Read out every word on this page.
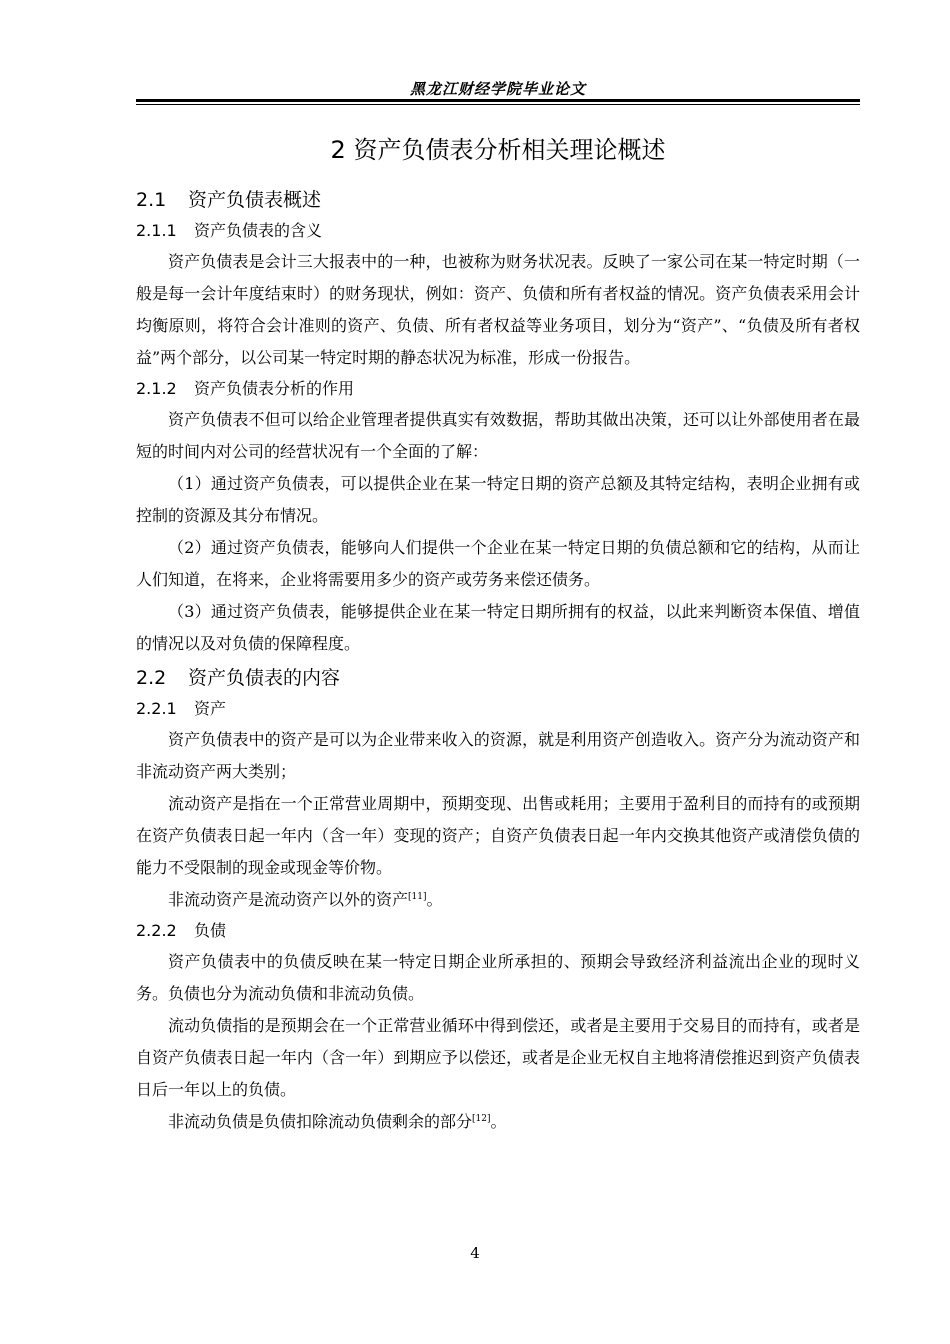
黑龙江财经学院毕业论文
2 资产负债表分析相关理论概述
2.1 资产负债表概述
2.1.1 资产负债表的含义

资产负债表是会计三大报表中的一种，也被称为财务状况表。反映了一家公司在某一特定时期（一般是每一会计年度结束时）的财务现状，例如：资产、负债和所有者权益的情况。资产负债表采用会计均衡原则，将符合会计准则的资产、负债、所有者权益等业务项目，划分为“资产”、“负债及所有者权益”两个部分，以公司某一特定时期的静态状况为标准，形成一份报告。

2.1.2 资产负债表分析的作用

资产负债表不但可以给企业管理者提供真实有效数据，帮助其做出决策，还可以让外部使用者在最短的时间内对公司的经营状况有一个全面的了解：

（1）通过资产负债表，可以提供企业在某一特定日期的资产总额及其特定结构，表明企业拥有或控制的资源及其分布情况。

（2）通过资产负债表，能够向人们提供一个企业在某一特定日期的负债总额和它的结构，从而让人们知道，在将来，企业将需要用多少的资产或劳务来偿还债务。

（3）通过资产负债表，能够提供企业在某一特定日期所拥有的权益，以此来判断资本保值、增值的情况以及对负债的保障程度。

2.2 资产负债表的内容
2.2.1 资产

资产负债表中的资产是可以为企业带来收入的资源，就是利用资产创造收入。资产分为流动资产和非流动资产两大类别；

流动资产是指在一个正常营业周期中，预期变现、出售或耗用；主要用于盈利目的而持有的或预期在资产负债表日起一年内（含一年）变现的资产；自资产负债表日起一年内交换其他资产或清偿负债的能力不受限制的现金或现金等价物。

非流动资产是流动资产以外的资产[11]。

2.2.2 负债

资产负债表中的负债反映在某一特定日期企业所承担的、预期会导致经济利益流出企业的现时义务。负债也分为流动负债和非流动负债。

流动负债指的是预期会在一个正常营业循环中得到偿还，或者是主要用于交易目的而持有，或者是自资产负债表日起一年内（含一年）到期应予以偿还，或者是企业无权自主地将清偿推迟到资产负债表日后一年以上的负债。

非流动负债是负债扣除流动负债剩余的部分[12]。

4
